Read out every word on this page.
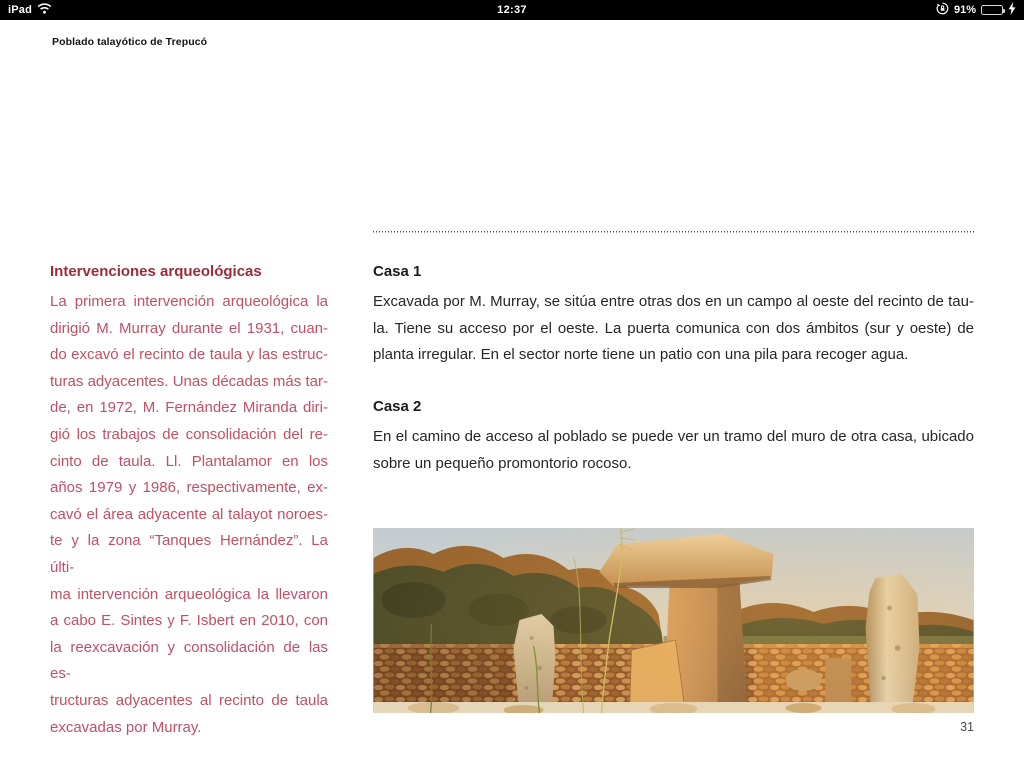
iPad	12:37	91%
Poblado talayótico de Trepucó
Intervenciones arqueológicas
La primera intervención arqueológica la
dirigió M. Murray durante el 1931, cuan-
do excavó el recinto de taula y las estruc-
turas adyacentes. Unas décadas más tar-
de, en 1972, M. Fernández Miranda diri-
gió los trabajos de consolidación del re-
cinto de taula. Ll. Plantalamor en los
años 1979 y 1986, respectivamente, ex-
cavó el área adyacente al talayot noroes-
te y la zona “Tanques Hernández”. La últi-
ma intervención arqueológica la llevaron
a cabo E. Sintes y F. Isbert en 2010, con
la reexcavación y consolidación de las es-
tructuras adyacentes al recinto de taula
excavadas por Murray.
Casa 1
Excavada por M. Murray, se sitúa entre otras dos en un campo al oeste del recinto de tau-
la. Tiene su acceso por el oeste. La puerta comunica con dos ámbitos (sur y oeste) de
planta irregular. En el sector norte tiene un patio con una pila para recoger agua.
Casa 2
En el camino de acceso al poblado se puede ver un tramo del muro de otra casa, ubicado
sobre un pequeño promontorio rocoso.
31
